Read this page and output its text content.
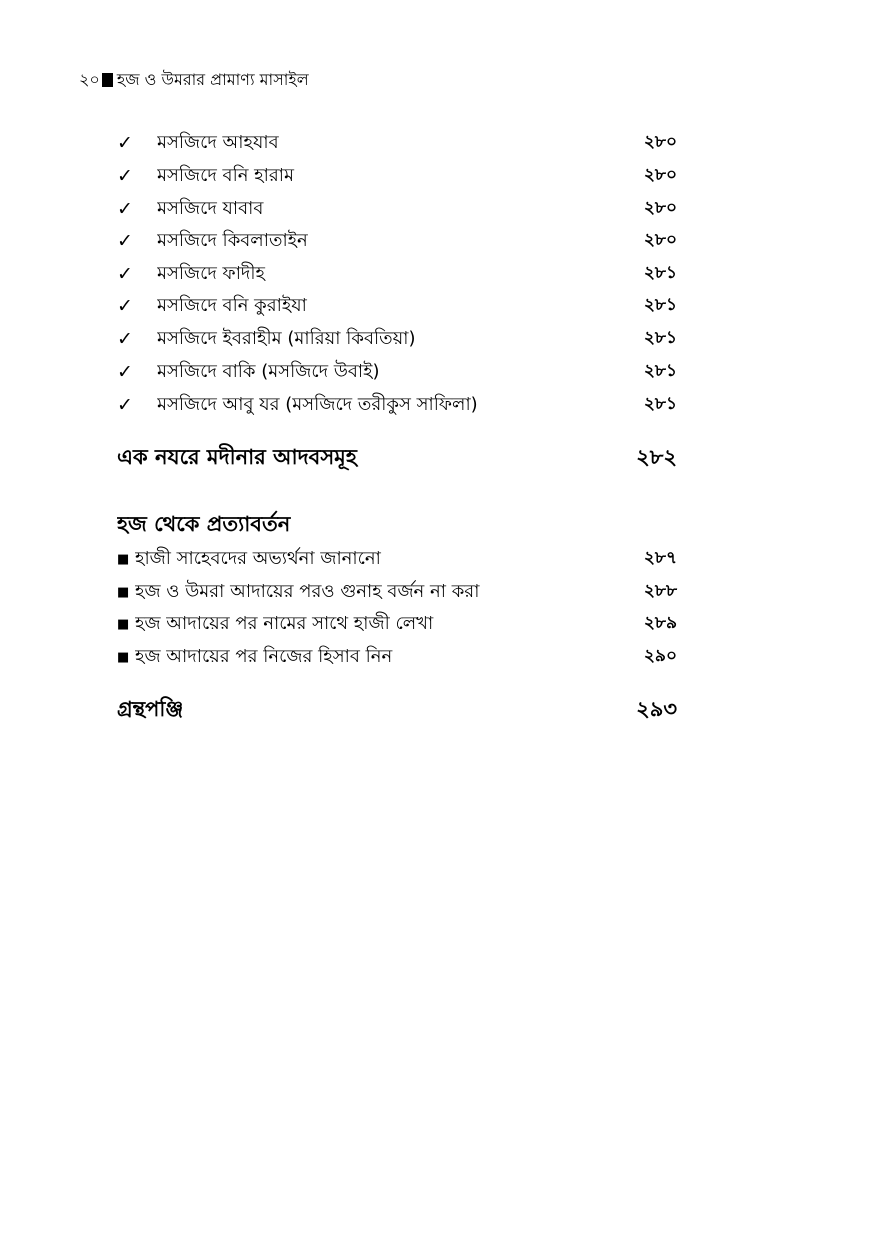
২০ হজ ও উমরার প্রামাণ্য মাসাইল
✓	মসজিদে আহযাব	২৮০
✓	মসজিদে বনি হারাম	২৮০
✓	মসজিদে যাবাব	২৮০
✓	মসজিদে কিবলাতাইন	২৮০
✓	মসজিদে ফাদীহ	২৮১
✓	মসজিদে বনি কুরাইযা	২৮১
✓	মসজিদে ইবরাহীম (মারিয়া কিবতিয়া)	২৮১
✓	মসজিদে বাকি (মসজিদে উবাই)	২৮১
✓	মসজিদে আবু যর (মসজিদে তরীকুস সাফিলা)	২৮১
এক নযরে মদীনার আদবসমূহ	২৮২
হজ থেকে প্রত্যাবর্তন
■ হাজী সাহেবদের অভ্যর্থনা জানানো	২৮৭
■ হজ ও উমরা আদায়ের পরও গুনাহ বর্জন না করা	২৮৮
■ হজ আদায়ের পর নামের সাথে হাজী লেখা	২৮৯
■ হজ আদায়ের পর নিজের হিসাব নিন	২৯০
গ্রন্থপঞ্জি	২৯৩
